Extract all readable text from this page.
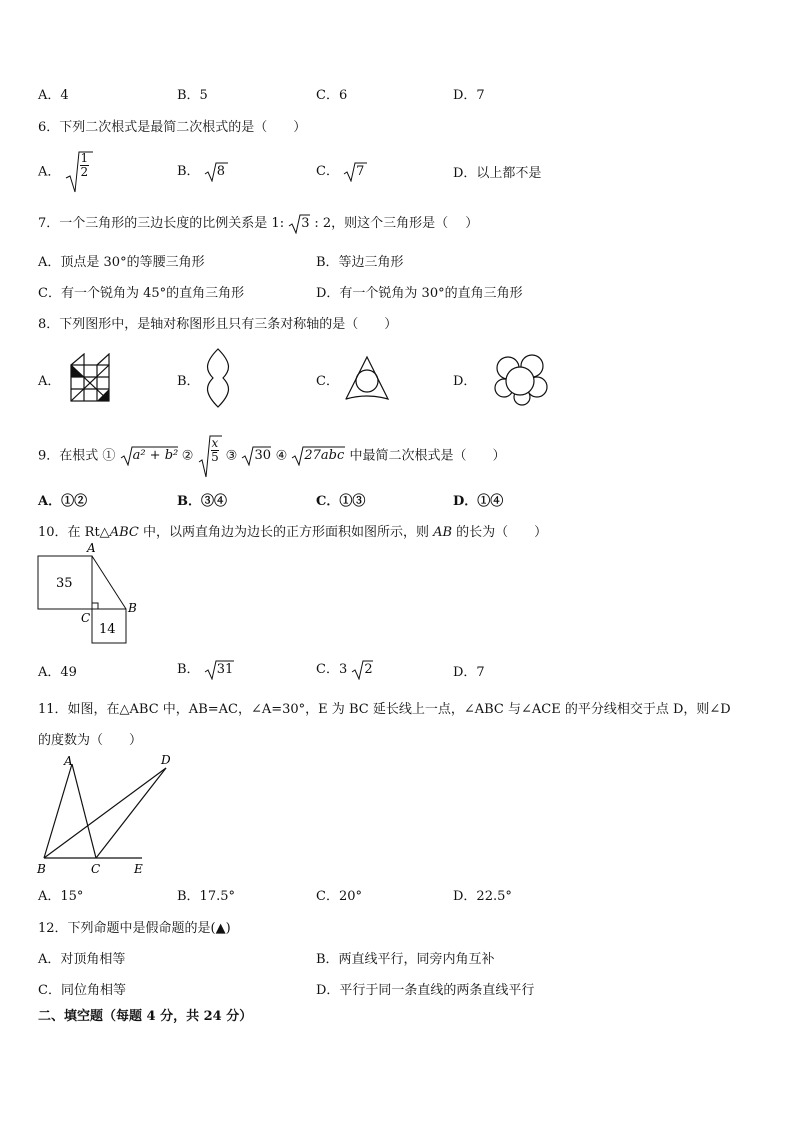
A．4	B．5	C．6	D．7
6．下列二次根式是最简二次根式的是（　　）
A． $\frac{1}{2}$	B． 8	C． 7	D．以上都不是
7．一个三角形的三边长度的比例关系是 1: 3 : 2，则这个三角形是（　 ）
A．顶点是 30°的等腰三角形	B．等边三角形
C．有一个锐角为 45°的直角三角形	D．有一个锐角为 30°的直角三角形
8．下列图形中，是轴对称图形且只有三条对称轴的是（　　）
A．	B．	C．	D．
9．在根式 ① a² + b² ② $\frac{x}{5}$ ③ 30 ④ 27abc 中最简二次根式是（　　）
A．①②	B．③④	C．①③	D．①④
10．在 Rt△ABC 中，以两直角边为边长的正方形面积如图所示，则 AB 的长为（　　）
A
B
C
35
14
A．49	B． 31	C．3 2	D．7
11．如图，在△ABC 中，AB=AC，∠A=30°，E 为 BC 延长线上一点，∠ABC 与∠ACE 的平分线相交于点 D，则∠D
的度数为（　　）
A
B	C
D
E
A．15°	B．17.5°	C．20°	D．22.5°
12．下列命题中是假命题的是(▲)
A．对顶角相等	B．两直线平行，同旁内角互补
C．同位角相等	D．平行于同一条直线的两条直线平行
二、填空题（每题 4 分，共 24 分）
